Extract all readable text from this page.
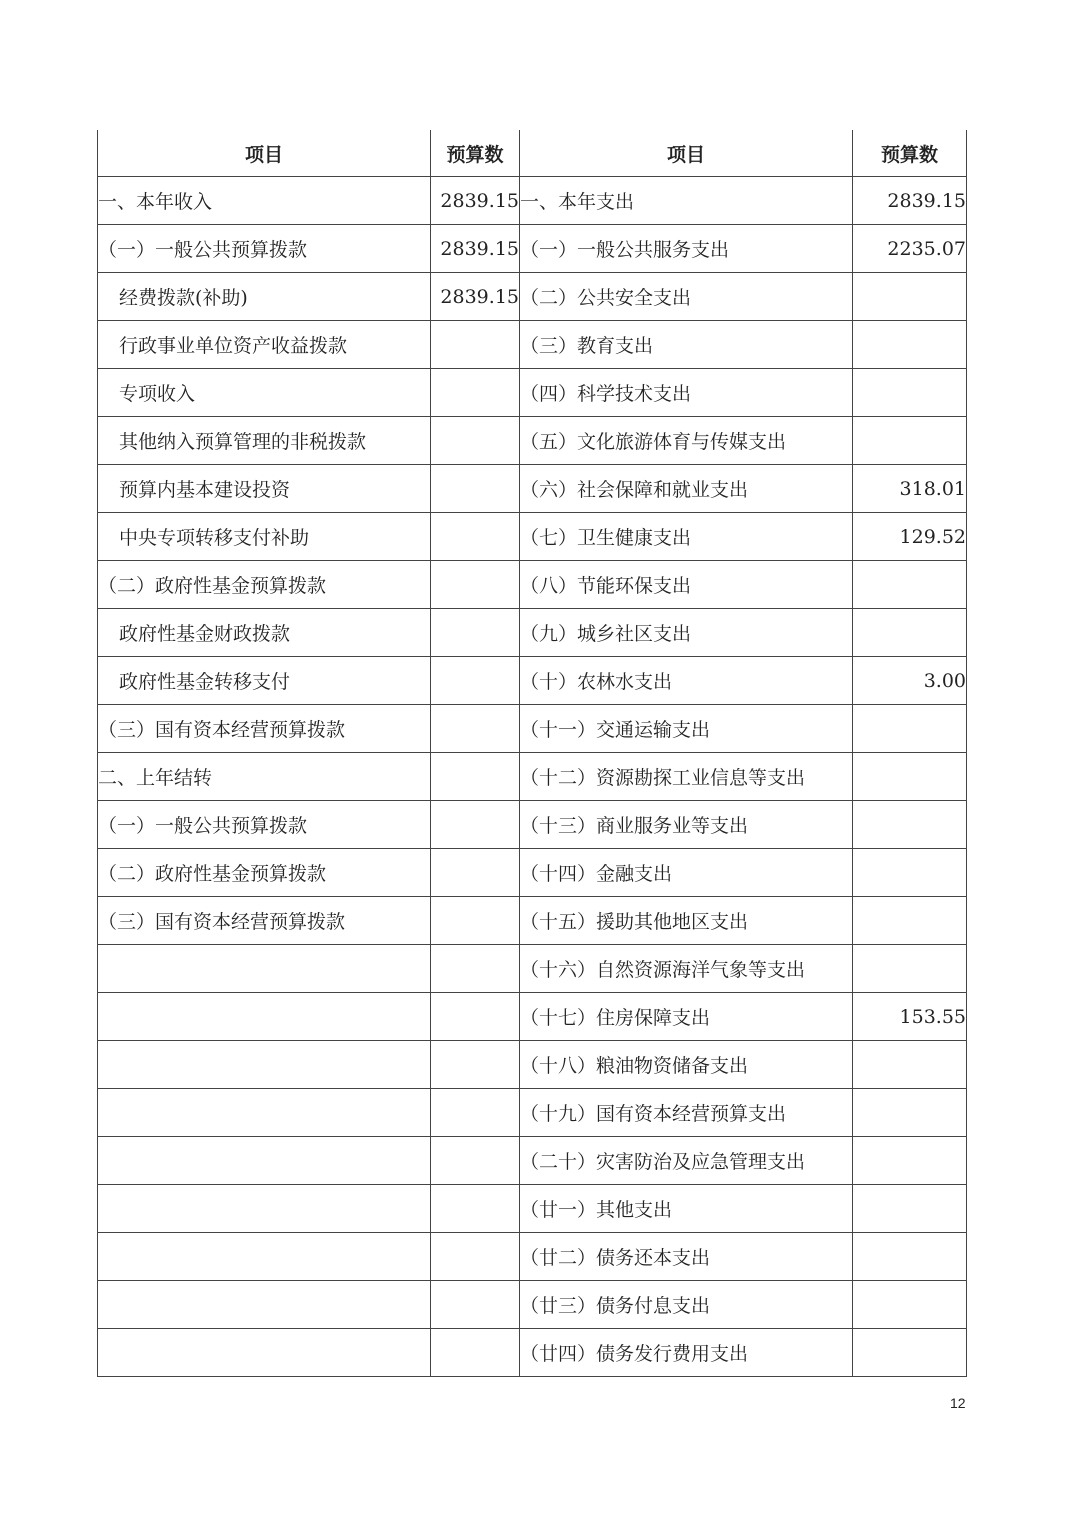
项目	预算数	项目	预算数
一、本年收入	2839.15	一、本年支出	2839.15
（一）一般公共预算拨款	2839.15	（一）一般公共服务支出	2235.07
经费拨款(补助)	2839.15	（二）公共安全支出	
行政事业单位资产收益拨款		（三）教育支出	
专项收入		（四）科学技术支出	
其他纳入预算管理的非税拨款		（五）文化旅游体育与传媒支出	
预算内基本建设投资		（六）社会保障和就业支出	318.01
中央专项转移支付补助		（七）卫生健康支出	129.52
（二）政府性基金预算拨款		（八）节能环保支出	
政府性基金财政拨款		（九）城乡社区支出	
政府性基金转移支付		（十）农林水支出	3.00
（三）国有资本经营预算拨款		（十一）交通运输支出	
二、上年结转		（十二）资源勘探工业信息等支出	
（一）一般公共预算拨款		（十三）商业服务业等支出	
（二）政府性基金预算拨款		（十四）金融支出	
（三）国有资本经营预算拨款		（十五）援助其他地区支出	
		（十六）自然资源海洋气象等支出	
		（十七）住房保障支出	153.55
		（十八）粮油物资储备支出	
		（十九）国有资本经营预算支出	
		（二十）灾害防治及应急管理支出	
		（廿一）其他支出	
		（廿二）债务还本支出	
		（廿三）债务付息支出	
		（廿四）债务发行费用支出	
12
